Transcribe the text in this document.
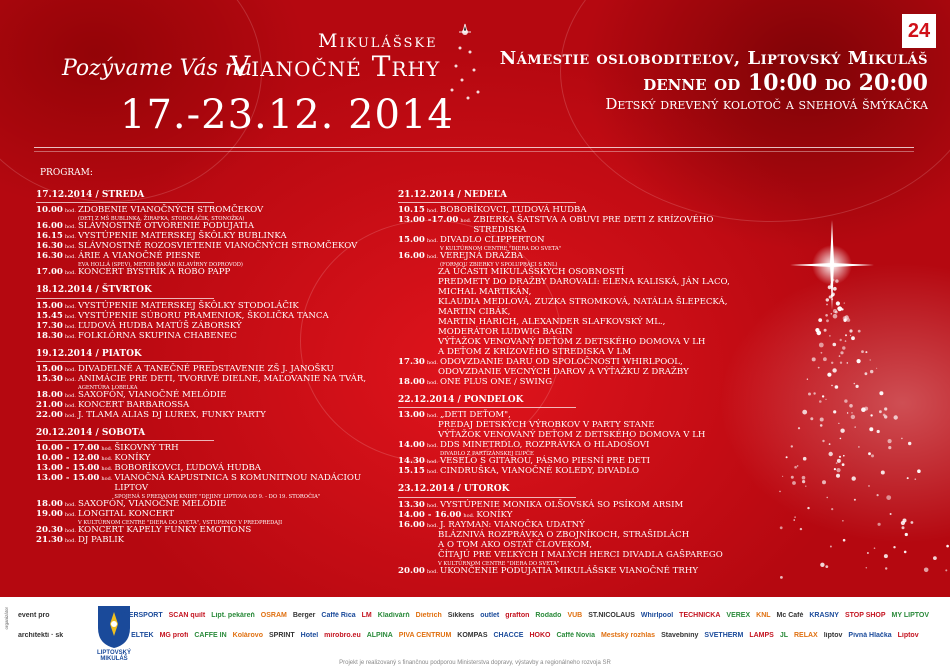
24
Mikulášske
Pozývame Vás na
Vianočné Trhy
17.-23.12. 2014
Námestie osloboditeľov, Liptovský Mikuláš
denne od 10:00 do 20:00
Detský drevený kolotoč a snehová šmýkačka
PROGRAM:
17.12.2014 / STREDA
10.00 hod. ZDOBENIE VIANOČNÝCH STROMČEKOV
(DETI Z MŠ BUBLINKA, ŽIRAFKA, STODOLÁČIK, STONOŽKA)
16.00 hod. SLÁVNOSTNÉ OTVORENIE PODUJATIA
16.15 hod. VYSTÚPENIE MATERSKEJ ŠKÔLKY BUBLINKA
16.30 hod. SLÁVNOSTNÉ ROZOSVIETENIE VIANOČNÝCH STROMČEKOV
16.30 hod. ÁRIE A VIANOČNÉ PIESNE
EVA HOLLÁ (SPEV), METOD RAKÁR (KLAVÍRNY DOPROVOD)
17.00 hod. KONCERT BYSTRÍK A ROBO PAPP
18.12.2014 / ŠTVRTOK
15.00 hod. VYSTÚPENIE MATERSKEJ ŠKÔLKY STODOLÁČIK
15.45 hod. VYSTÚPENIE SÚBORU PRAMENIOK, ŠKOLIČKA TANCA
17.30 hod. ĽUDOVÁ HUDBA MATÚŠ ZÁBORSKÝ
18.30 hod. FOLKLÓRNA SKUPINA CHABENEC
19.12.2014 / PIATOK
15.00 hod. DIVADELNÉ A TANEČNÉ PREDSTAVENIE ZŠ J. JANOŠKU
15.30 hod. ANIMÁCIE PRE DETI, TVORIVÉ DIELNE, MAĽOVANIE NA TVÁR,
AGENTÚRA LOBELKA
18.00 hod. SAXOFÓN, VIANOČNÉ MELÓDIE
21.00 hod. KONCERT BARBAROSSA
22.00 hod. J. TLAMA ALIAS DJ LUREX, FUNKY PARTY
20.12.2014 / SOBOTA
10.00 - 17.00 hod. ŠIKOVNÝ TRH
10.00 - 12.00 hod. KONÍKY
13.00 - 15.00 hod. BOBORÍKOVCI, ĽUDOVÁ HUDBA
13.00 - 15.00 hod. VIANOČNÁ KAPUSTNICA S KOMUNITNOU NADÁCIOU LIPTOV
SPOJENÁ S PREDAJOM KNIHY "DEJINY LIPTOVA OD 9. - DO 19. STOROČIA"
18.00 hod. SAXOFÓN, VIANOČNÉ MELÓDIE
19.00 hod. LONGITAL KONCERT
V KULTÚRNOM CENTRE "DIERA DO SVETA", VSTUPENKY V PREDPREDAJI
20.30 hod. KONCERT KAPELY FUNKY EMOTIONS
21.30 hod. DJ PABLIK
21.12.2014 / NEDEĽA
10.15 hod. BOBORÍKOVCI, ĽUDOVÁ HUDBA
13.00 -17.00 hod. ZBIERKA ŠATSTVA A OBUVI PRE DETI Z KRÍZOVÉHO STREDISKA
15.00 hod. DIVADLO CLIPPERTON
V KULTÚRNOM CENTRE "DIERA DO SVETA"
16.00 hod. VEREJNÁ DRAŽBA
(FORMOU ZBIERKY V SPOLUPRÁCI S KNL)
ZA ÚČASTI MIKULÁŠSKYCH OSOBNOSTÍ
PREDMETY DO DRAŽBY DAROVALI: ELENA KALISKÁ, JÁN LACO, MICHAL MARTIKÁN,
KLAUDIA MEDLOVÁ, ZUZKA STROMKOVÁ, NATÁLIA ŠLEPECKÁ, MARTIN CIBÁK,
MARTIN HARICH, ALEXANDER SLAFKOVSKÝ ML.,
MODERÁTOR LUDWIG BAGIN
VÝŤAŽOK VENOVANÝ DEŤOM Z DETSKÉHO DOMOVA V LH
A DEŤOM Z KRÍZOVÉHO STREDISKA V LM
17.30 hod. ODOVZDANIE DARU OD SPOLOČNOSTI WHIRLPOOL,
ODOVZDANIE VECNÝCH DAROV A VÝŤAŽKU Z DRAŽBY
18.00 hod. ONE PLUS ONE / SWING
22.12.2014 / PONDELOK
13.00 hod. „DETI DEŤOM",
PREDAJ DETSKÝCH VÝROBKOV V PARTY STANE
VÝŤAŽOK VENOVANÝ DEŤOM Z DETSKÉHO DOMOVA V LH
14.00 hod. DDS MINETRDLO, ROZPRÁVKA O HLADOŠOVI
DIVADLO Z PARTIZÁNSKEJ ĽUPČE
14.30 hod. VESELO S GITAROU, PÁSMO PIESNÍ PRE DETI
15.15 hod. CINDRUŠKA, VIANOČNÉ KOLEDY, DIVADLO
23.12.2014 / UTOROK
13.30 hod. VYSTÚPENIE MONIKA OLŠOVSKÁ SO PSÍKOM ARSIM
14.00 - 16.00 hod. KONÍKY
16.00 hod. J. RAYMAN: VIANOČKA UDATNÝ
BLÁZNIVÁ ROZPRÁVKA O ZBOJNÍKOCH, STRAŠIDLÁCH
A O TOM AKO OSTAŤ ČLOVEKOM,
ČÍTAJÚ PRE VEĽKÝCH I MALÝCH HERCI DIVADLA GAŠPAREGO
V KULTÚRNOM CENTRE "DIERA DO SVETA"
20.00 hod. UKONČENIE PODUJATIA MIKULÁŠSKE VIANOČNÉ TRHY
organizátor
LIPTOVSKÝ MIKULÁŠ
event pro	INTERSPORT SCAN quilt Lipt. pekáreň OSRAM Berger Caffé Rica LM Kladivárň Dietrich Sikkens outlet grafton Rodado VÚB ST.NICOLAUS Whirlpool TECHNICKA VEREX KNL Mc Café KRÁSNY STOP SHOP MY LIPTOV
architekti · sk	ELTEK MG profi CAFFE IN Kolárovo SPRINT Hotel mirobro.eu ALPINA PIVA CENTRUM KOMPAS CHACCE HOKO Caffé Novia Mestský rozhlas Stavebniny SVETHERM LAMPS JL RELAX liptov Pivná Hlačka Liptov
Projekt je realizovaný s finančnou podporou Ministerstva dopravy, výstavby a regionálneho rozvoja SR
